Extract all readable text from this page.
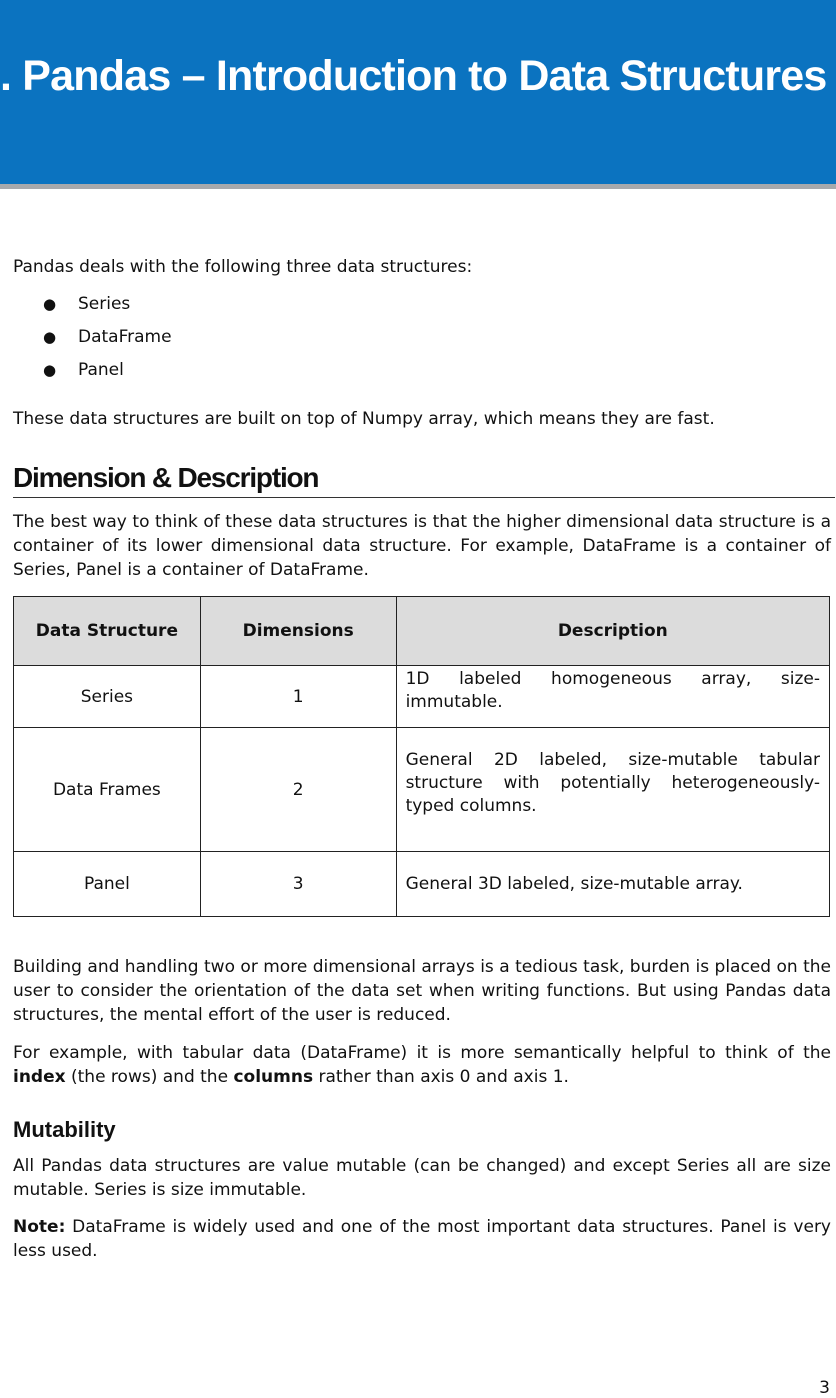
. Pandas – Introduction to Data Structures
Pandas deals with the following three data structures:
● Series
● DataFrame
● Panel
These data structures are built on top of Numpy array, which means they are fast.
Dimension & Description
The best way to think of these data structures is that the higher dimensional data structure is a container of its lower dimensional data structure. For example, DataFrame is a container of Series, Panel is a container of DataFrame.
Data Structure	Dimensions	Description
Series	1	1D labeled homogeneous array, size-immutable.
Data Frames	2	General 2D labeled, size-mutable tabular structure with potentially heterogeneously-typed columns.
Panel	3	General 3D labeled, size-mutable array.
Building and handling two or more dimensional arrays is a tedious task, burden is placed on the user to consider the orientation of the data set when writing functions. But using Pandas data structures, the mental effort of the user is reduced.
For example, with tabular data (DataFrame) it is more semantically helpful to think of the index (the rows) and the columns rather than axis 0 and axis 1.
Mutability
All Pandas data structures are value mutable (can be changed) and except Series all are size mutable. Series is size immutable.
Note: DataFrame is widely used and one of the most important data structures. Panel is very less used.
3
